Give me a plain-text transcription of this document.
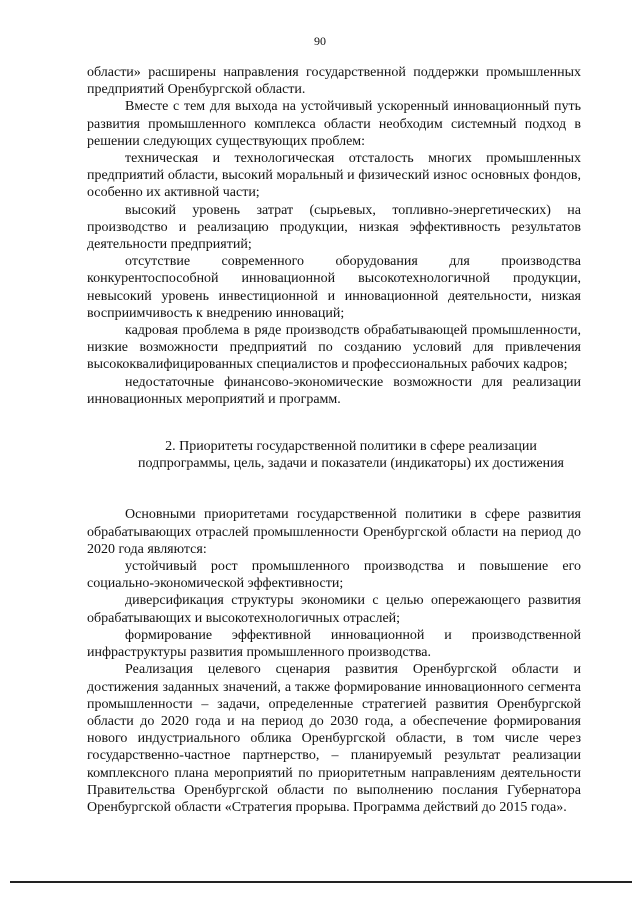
90

области» расширены направления государственной поддержки промышленных предприятий Оренбургской области.

Вместе с тем для выхода на устойчивый ускоренный инновационный путь развития промышленного комплекса области необходим системный подход в решении следующих существующих проблем:

техническая и технологическая отсталость многих промышленных предприятий области, высокий моральный и физический износ основных фондов, особенно их активной части;

высокий уровень затрат (сырьевых, топливно-энергетических) на производство и реализацию продукции, низкая эффективность результатов деятельности предприятий;

отсутствие современного оборудования для производства конкурентоспособной инновационной высокотехнологичной продукции, невысокий уровень инвестиционной и инновационной деятельности, низкая восприимчивость к внедрению инноваций;

кадровая проблема в ряде производств обрабатывающей промышленности, низкие возможности предприятий по созданию условий для привлечения высококвалифицированных специалистов и профессиональных рабочих кадров;

недостаточные финансово-экономические возможности для реализации инновационных мероприятий и программ.

2. Приоритеты государственной политики в сфере реализации подпрограммы, цель, задачи и показатели (индикаторы) их достижения

Основными приоритетами государственной политики в сфере развития обрабатывающих отраслей промышленности Оренбургской области на период до 2020 года являются:

устойчивый рост промышленного производства и повышение его социально-экономической эффективности;

диверсификация структуры экономики с целью опережающего развития обрабатывающих и высокотехнологичных отраслей;

формирование эффективной инновационной и производственной инфраструктуры развития промышленного производства.

Реализация целевого сценария развития Оренбургской области и достижения заданных значений, а также формирование инновационного сегмента промышленности – задачи, определенные стратегией развития Оренбургской области до 2020 года и на период до 2030 года, а обеспечение формирования нового индустриального облика Оренбургской области, в том числе через государственно-частное партнерство, – планируемый результат реализации комплексного плана мероприятий по приоритетным направлениям деятельности Правительства Оренбургской области по выполнению послания Губернатора Оренбургской области «Стратегия прорыва. Программа действий до 2015 года».
